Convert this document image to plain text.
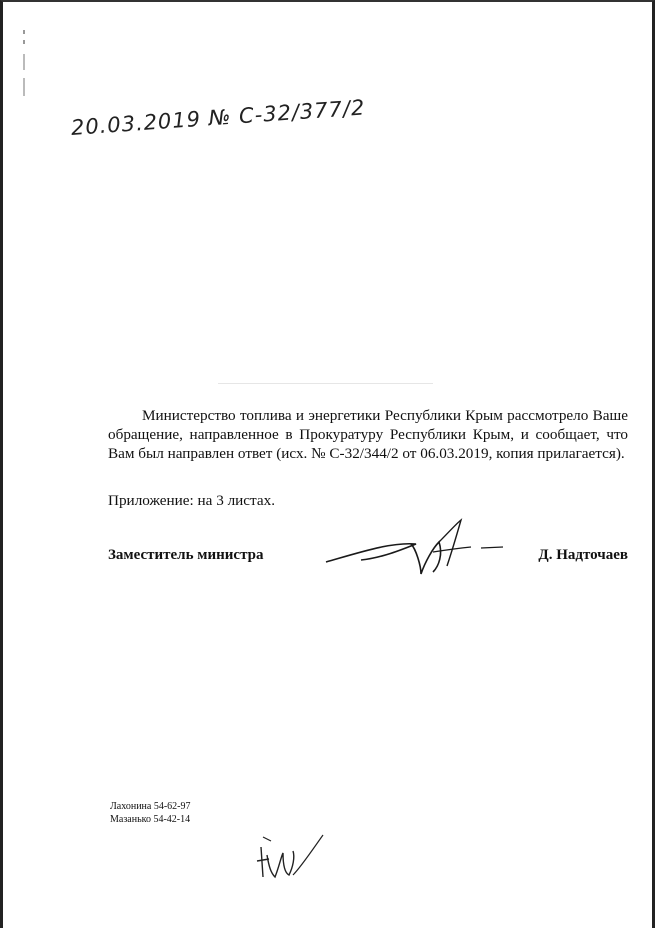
20.03.2019 № С-32/377/2

Министерство топлива и энергетики Республики Крым рассмотрело Ваше обращение, направленное в Прокуратуру Республики Крым, и сообщает, что Вам был направлен ответ (исх. № С-32/344/2 от 06.03.2019, копия прилагается).

Приложение: на 3 листах.
Заместитель министра	Д. Надточаев
Лахонина 54-62-97
Мазанько 54-42-14
